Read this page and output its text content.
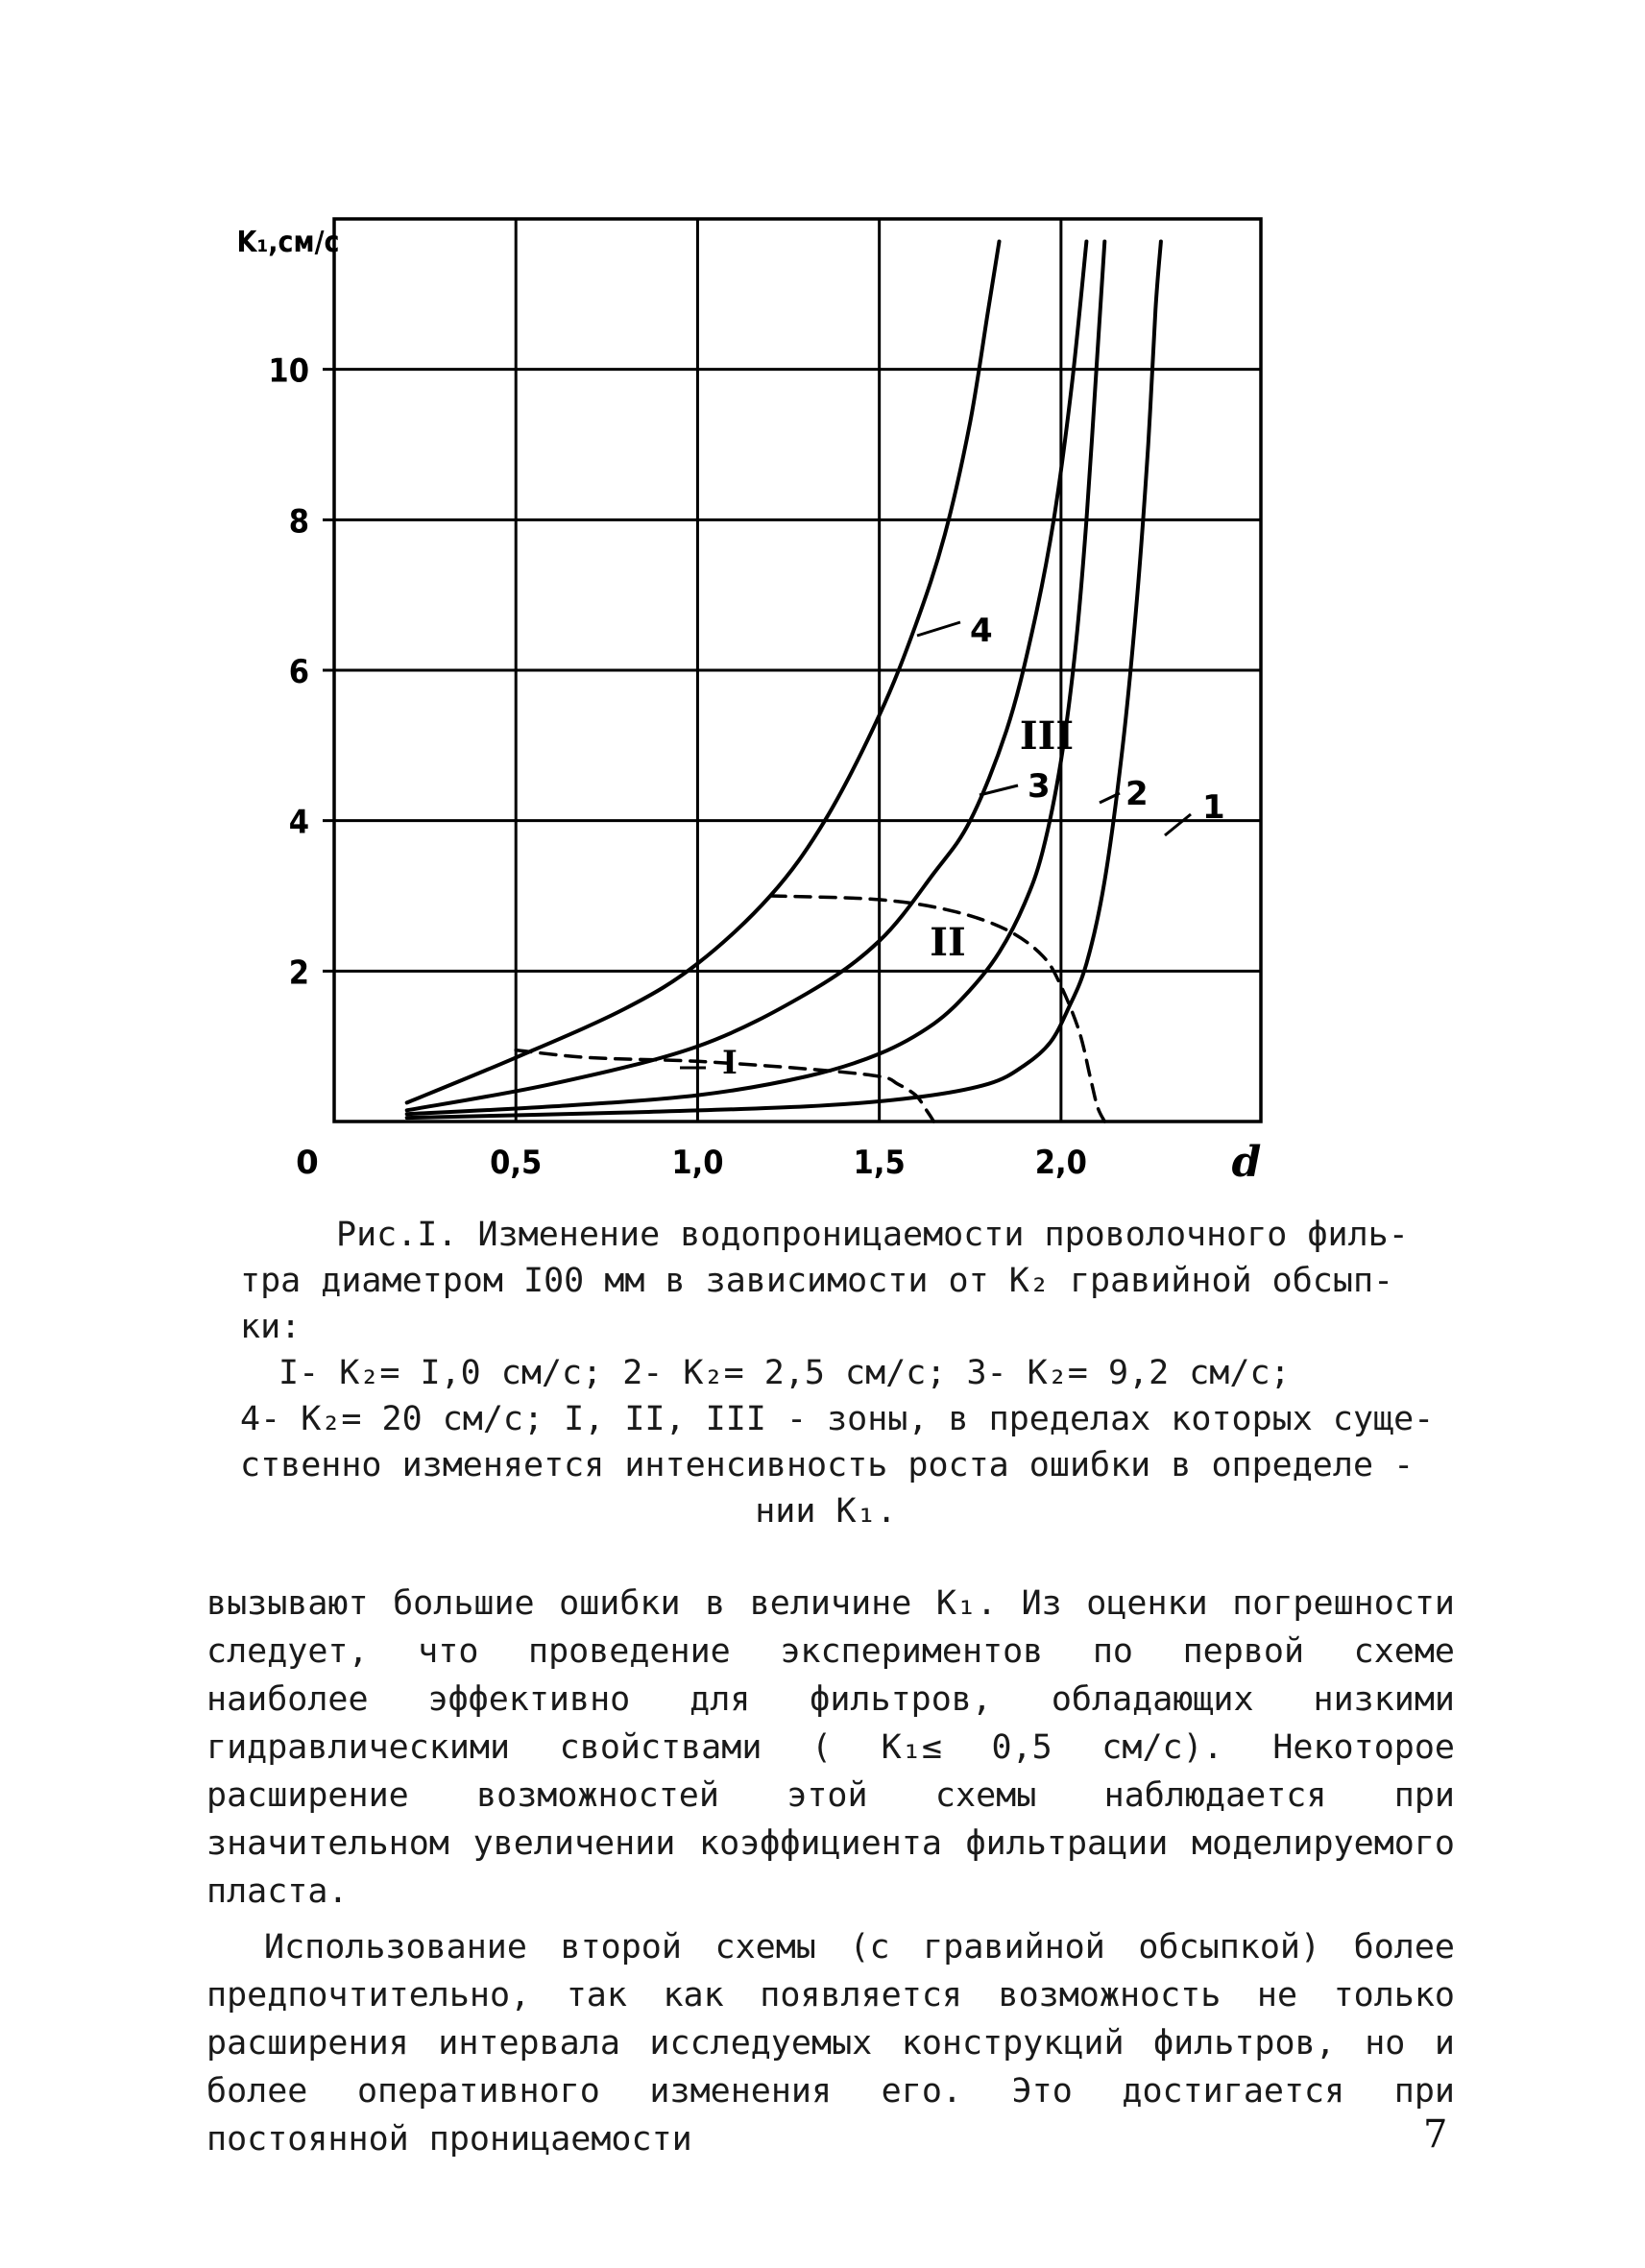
0,5	1,0	1,5	2,0
2
4
6
8
10
0
K₁,см/с
d
1
2
3
4
I
II
III
Рис.I. Изменение водопроницаемости проволочного филь-
тра диаметром I00 мм в зависимости от К₂ гравийной обсып-
ки:
I- К₂= I,0 см/с; 2- К₂= 2,5 см/с; 3- К₂= 9,2 см/с;
4- К₂= 20 см/с; I, II, III - зоны, в пределах которых суще-
ственно изменяется интенсивность роста ошибки в определе -
нии К₁.

вызывают большие ошибки в величине К₁. Из оценки погрешности следует, что проведение экспериментов по первой схеме наиболее эффективно для фильтров, обладающих низкими гидравлическими свойствами ( К₁≤ 0,5 см/с). Некоторое расширение возможностей этой схемы наблюдается при значительном увеличении коэффициента фильтрации моделируемого пласта.

Использование второй схемы (с гравийной обсыпкой) более предпочтительно, так как появляется возможность не только расширения интервала исследуемых конструкций фильтров, но и более оперативного изменения его. Это достигается при постоянной проницаемости	7
